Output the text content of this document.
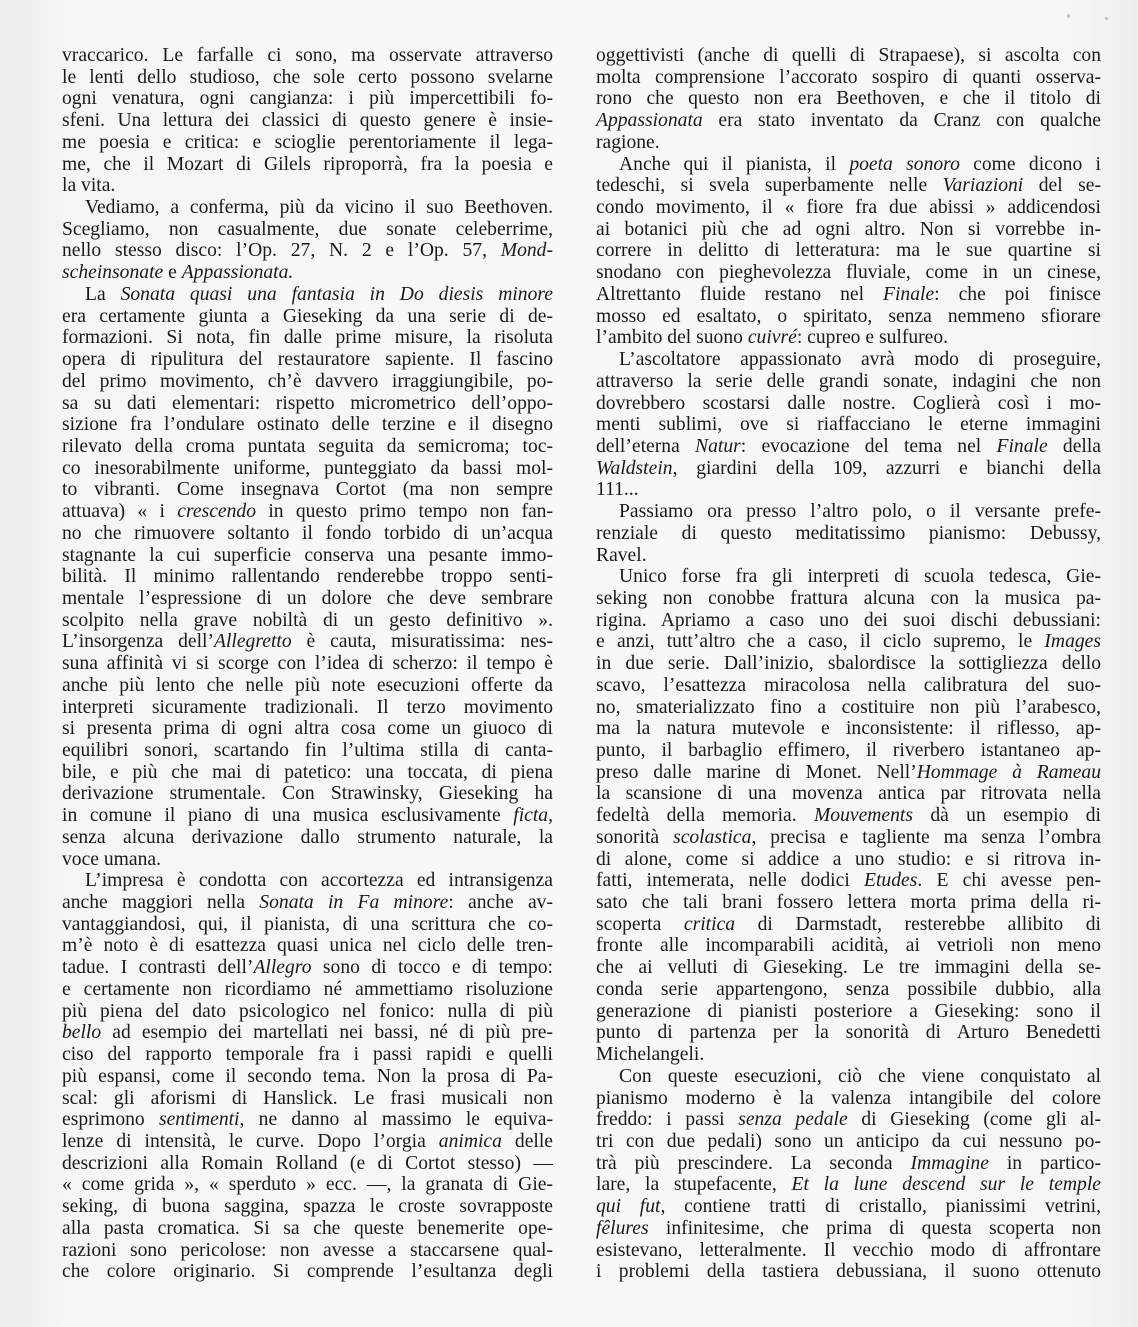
vraccarico. Le farfalle ci sono, ma osservate attraverso
le lenti dello studioso, che sole certo possono svelarne
ogni venatura, ogni cangianza: i più impercettibili fo-
sfeni. Una lettura dei classici di questo genere è insie-
me poesia e critica: e scioglie perentoriamente il lega-
me, che il Mozart di Gilels riproporrà, fra la poesia e
la vita.
Vediamo, a conferma, più da vicino il suo Beethoven.
Scegliamo, non casualmente, due sonate celeberrime,
nello stesso disco: l’Op. 27, N. 2 e l’Op. 57, Mond-
scheinsonate e Appassionata.
La Sonata quasi una fantasia in Do diesis minore
era certamente giunta a Gieseking da una serie di de-
formazioni. Si nota, fin dalle prime misure, la risoluta
opera di ripulitura del restauratore sapiente. Il fascino
del primo movimento, ch’è davvero irraggiungibile, po-
sa su dati elementari: rispetto micrometrico dell’oppo-
sizione fra l’ondulare ostinato delle terzine e il disegno
rilevato della croma puntata seguita da semicroma; toc-
co inesorabilmente uniforme, punteggiato da bassi mol-
to vibranti. Come insegnava Cortot (ma non sempre
attuava) « i crescendo in questo primo tempo non fan-
no che rimuovere soltanto il fondo torbido di un’acqua
stagnante la cui superficie conserva una pesante immo-
bilità. Il minimo rallentando renderebbe troppo senti-
mentale l’espressione di un dolore che deve sembrare
scolpito nella grave nobiltà di un gesto definitivo ».
L’insorgenza dell’Allegretto è cauta, misuratissima: nes-
suna affinità vi si scorge con l’idea di scherzo: il tempo è
anche più lento che nelle più note esecuzioni offerte da
interpreti sicuramente tradizionali. Il terzo movimento
si presenta prima di ogni altra cosa come un giuoco di
equilibri sonori, scartando fin l’ultima stilla di canta-
bile, e più che mai di patetico: una toccata, di piena
derivazione strumentale. Con Strawinsky, Gieseking ha
in comune il piano di una musica esclusivamente ficta,
senza alcuna derivazione dallo strumento naturale, la
voce umana.
L’impresa è condotta con accortezza ed intransigenza
anche maggiori nella Sonata in Fa minore: anche av-
vantaggiandosi, qui, il pianista, di una scrittura che co-
m’è noto è di esattezza quasi unica nel ciclo delle tren-
tadue. I contrasti dell’Allegro sono di tocco e di tempo:
e certamente non ricordiamo né ammettiamo risoluzione
più piena del dato psicologico nel fonico: nulla di più
bello ad esempio dei martellati nei bassi, né di più pre-
ciso del rapporto temporale fra i passi rapidi e quelli
più espansi, come il secondo tema. Non la prosa di Pa-
scal: gli aforismi di Hanslick. Le frasi musicali non
esprimono sentimenti, ne danno al massimo le equiva-
lenze di intensità, le curve. Dopo l’orgia animica delle
descrizioni alla Romain Rolland (e di Cortot stesso) —
« come grida », « sperduto » ecc. —, la granata di Gie-
seking, di buona saggina, spazza le croste sovrapposte
alla pasta cromatica. Si sa che queste benemerite ope-
razioni sono pericolose: non avesse a staccarsene qual-
che colore originario. Si comprende l’esultanza degli
oggettivisti (anche di quelli di Strapaese), si ascolta con
molta comprensione l’accorato sospiro di quanti osserva-
rono che questo non era Beethoven, e che il titolo di
Appassionata era stato inventato da Cranz con qualche
ragione.
Anche qui il pianista, il poeta sonoro come dicono i
tedeschi, si svela superbamente nelle Variazioni del se-
condo movimento, il « fiore fra due abissi » addicendosi
ai botanici più che ad ogni altro. Non si vorrebbe in-
correre in delitto di letteratura: ma le sue quartine si
snodano con pieghevolezza fluviale, come in un cinese,
Altrettanto fluide restano nel Finale: che poi finisce
mosso ed esaltato, o spiritato, senza nemmeno sfiorare
l’ambito del suono cuivré: cupreo e sulfureo.
L’ascoltatore appassionato avrà modo di proseguire,
attraverso la serie delle grandi sonate, indagini che non
dovrebbero scostarsi dalle nostre. Coglierà così i mo-
menti sublimi, ove si riaffacciano le eterne immagini
dell’eterna Natur: evocazione del tema nel Finale della
Waldstein, giardini della 109, azzurri e bianchi della
111...
Passiamo ora presso l’altro polo, o il versante prefe-
renziale di questo meditatissimo pianismo: Debussy,
Ravel.
Unico forse fra gli interpreti di scuola tedesca, Gie-
seking non conobbe frattura alcuna con la musica pa-
rigina. Apriamo a caso uno dei suoi dischi debussiani:
e anzi, tutt’altro che a caso, il ciclo supremo, le Images
in due serie. Dall’inizio, sbalordisce la sottigliezza dello
scavo, l’esattezza miracolosa nella calibratura del suo-
no, smaterializzato fino a costituire non più l’arabesco,
ma la natura mutevole e inconsistente: il riflesso, ap-
punto, il barbaglio effimero, il riverbero istantaneo ap-
preso dalle marine di Monet. Nell’Hommage à Rameau
la scansione di una movenza antica par ritrovata nella
fedeltà della memoria. Mouvements dà un esempio di
sonorità scolastica, precisa e tagliente ma senza l’ombra
di alone, come si addice a uno studio: e si ritrova in-
fatti, intemerata, nelle dodici Etudes. E chi avesse pen-
sato che tali brani fossero lettera morta prima della ri-
scoperta critica di Darmstadt, resterebbe allibito di
fronte alle incomparabili acidità, ai vetrioli non meno
che ai velluti di Gieseking. Le tre immagini della se-
conda serie appartengono, senza possibile dubbio, alla
generazione di pianisti posteriore a Gieseking: sono il
punto di partenza per la sonorità di Arturo Benedetti
Michelangeli.
Con queste esecuzioni, ciò che viene conquistato al
pianismo moderno è la valenza intangibile del colore
freddo: i passi senza pedale di Gieseking (come gli al-
tri con due pedali) sono un anticipo da cui nessuno po-
trà più prescindere. La seconda Immagine in partico-
lare, la stupefacente, Et la lune descend sur le temple
qui fut, contiene tratti di cristallo, pianissimi vetrini,
fêlures infinitesime, che prima di questa scoperta non
esistevano, letteralmente. Il vecchio modo di affrontare
i problemi della tastiera debussiana, il suono ottenuto
